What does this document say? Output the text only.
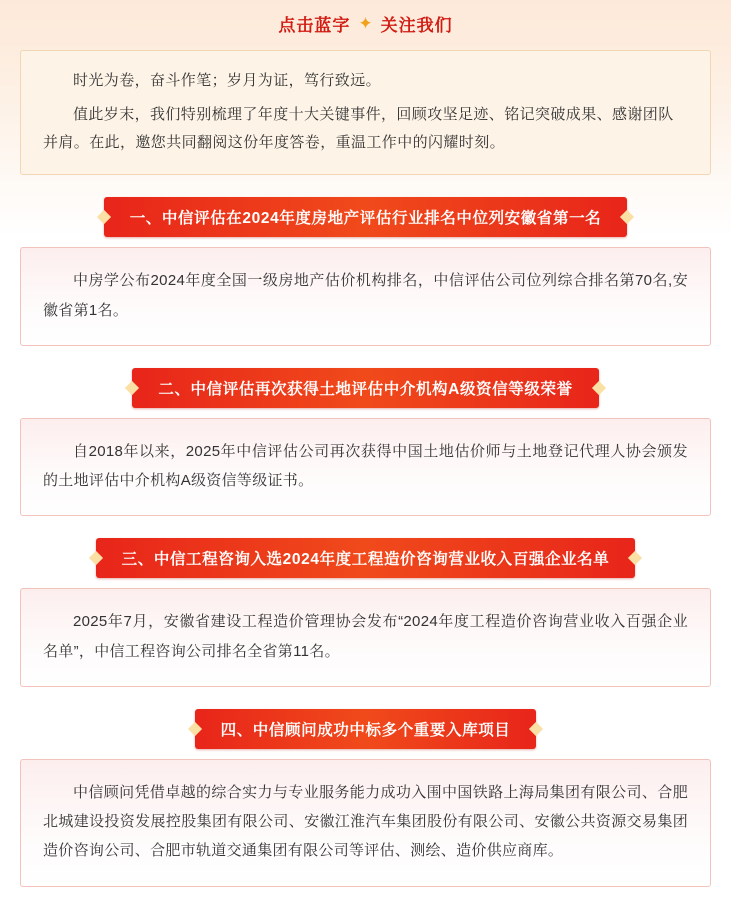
点击蓝字 ✦ 关注我们

时光为卷，奋斗作笔；岁月为证，笃行致远。

值此岁末，我们特别梳理了年度十大关键事件，回顾攻坚足迹、铭记突破成果、感谢团队并肩。在此，邀您共同翻阅这份年度答卷，重温工作中的闪耀时刻。

一、中信评估在2024年度房地产评估行业排名中位列安徽省第一名

中房学公布2024年度全国一级房地产估价机构排名，中信评估公司位列综合排名第70名,安徽省第1名。

二、中信评估再次获得土地评估中介机构A级资信等级荣誉

自2018年以来，2025年中信评估公司再次获得中国土地估价师与土地登记代理人协会颁发的土地评估中介机构A级资信等级证书。

三、中信工程咨询入选2024年度工程造价咨询营业收入百强企业名单

2025年7月，安徽省建设工程造价管理协会发布“2024年度工程造价咨询营业收入百强企业名单”，中信工程咨询公司排名全省第11名。

四、中信顾问成功中标多个重要入库项目

中信顾问凭借卓越的综合实力与专业服务能力成功入围中国铁路上海局集团有限公司、合肥北城建设投资发展控股集团有限公司、安徽江淮汽车集团股份有限公司、安徽公共资源交易集团造价咨询公司、合肥市轨道交通集团有限公司等评估、测绘、造价供应商库。
